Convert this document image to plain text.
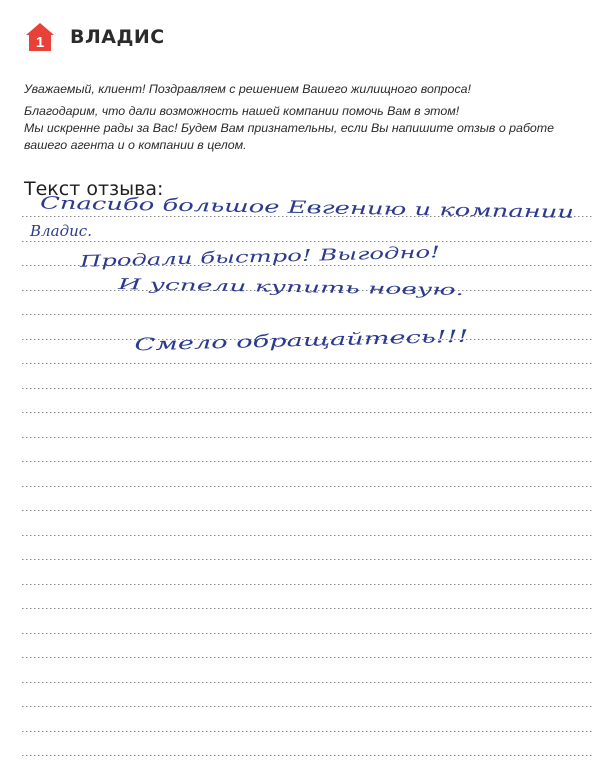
1 ВЛАДИС

Уважаемый, клиент! Поздравляем с решением Вашего жилищного вопроса!

Благодарим, что дали возможность нашей компании помочь Вам в этом!

Мы искренне рады за Вас! Будем Вам признательны, если Вы напишите отзыв о работе

вашего агента и о компании в целом.

Текст отзыва:
Спасибо большое Евгению и компании
Владис.
Продали быстро! Выгодно!
И успели купить новую.
Смело обращайтесь!!!
